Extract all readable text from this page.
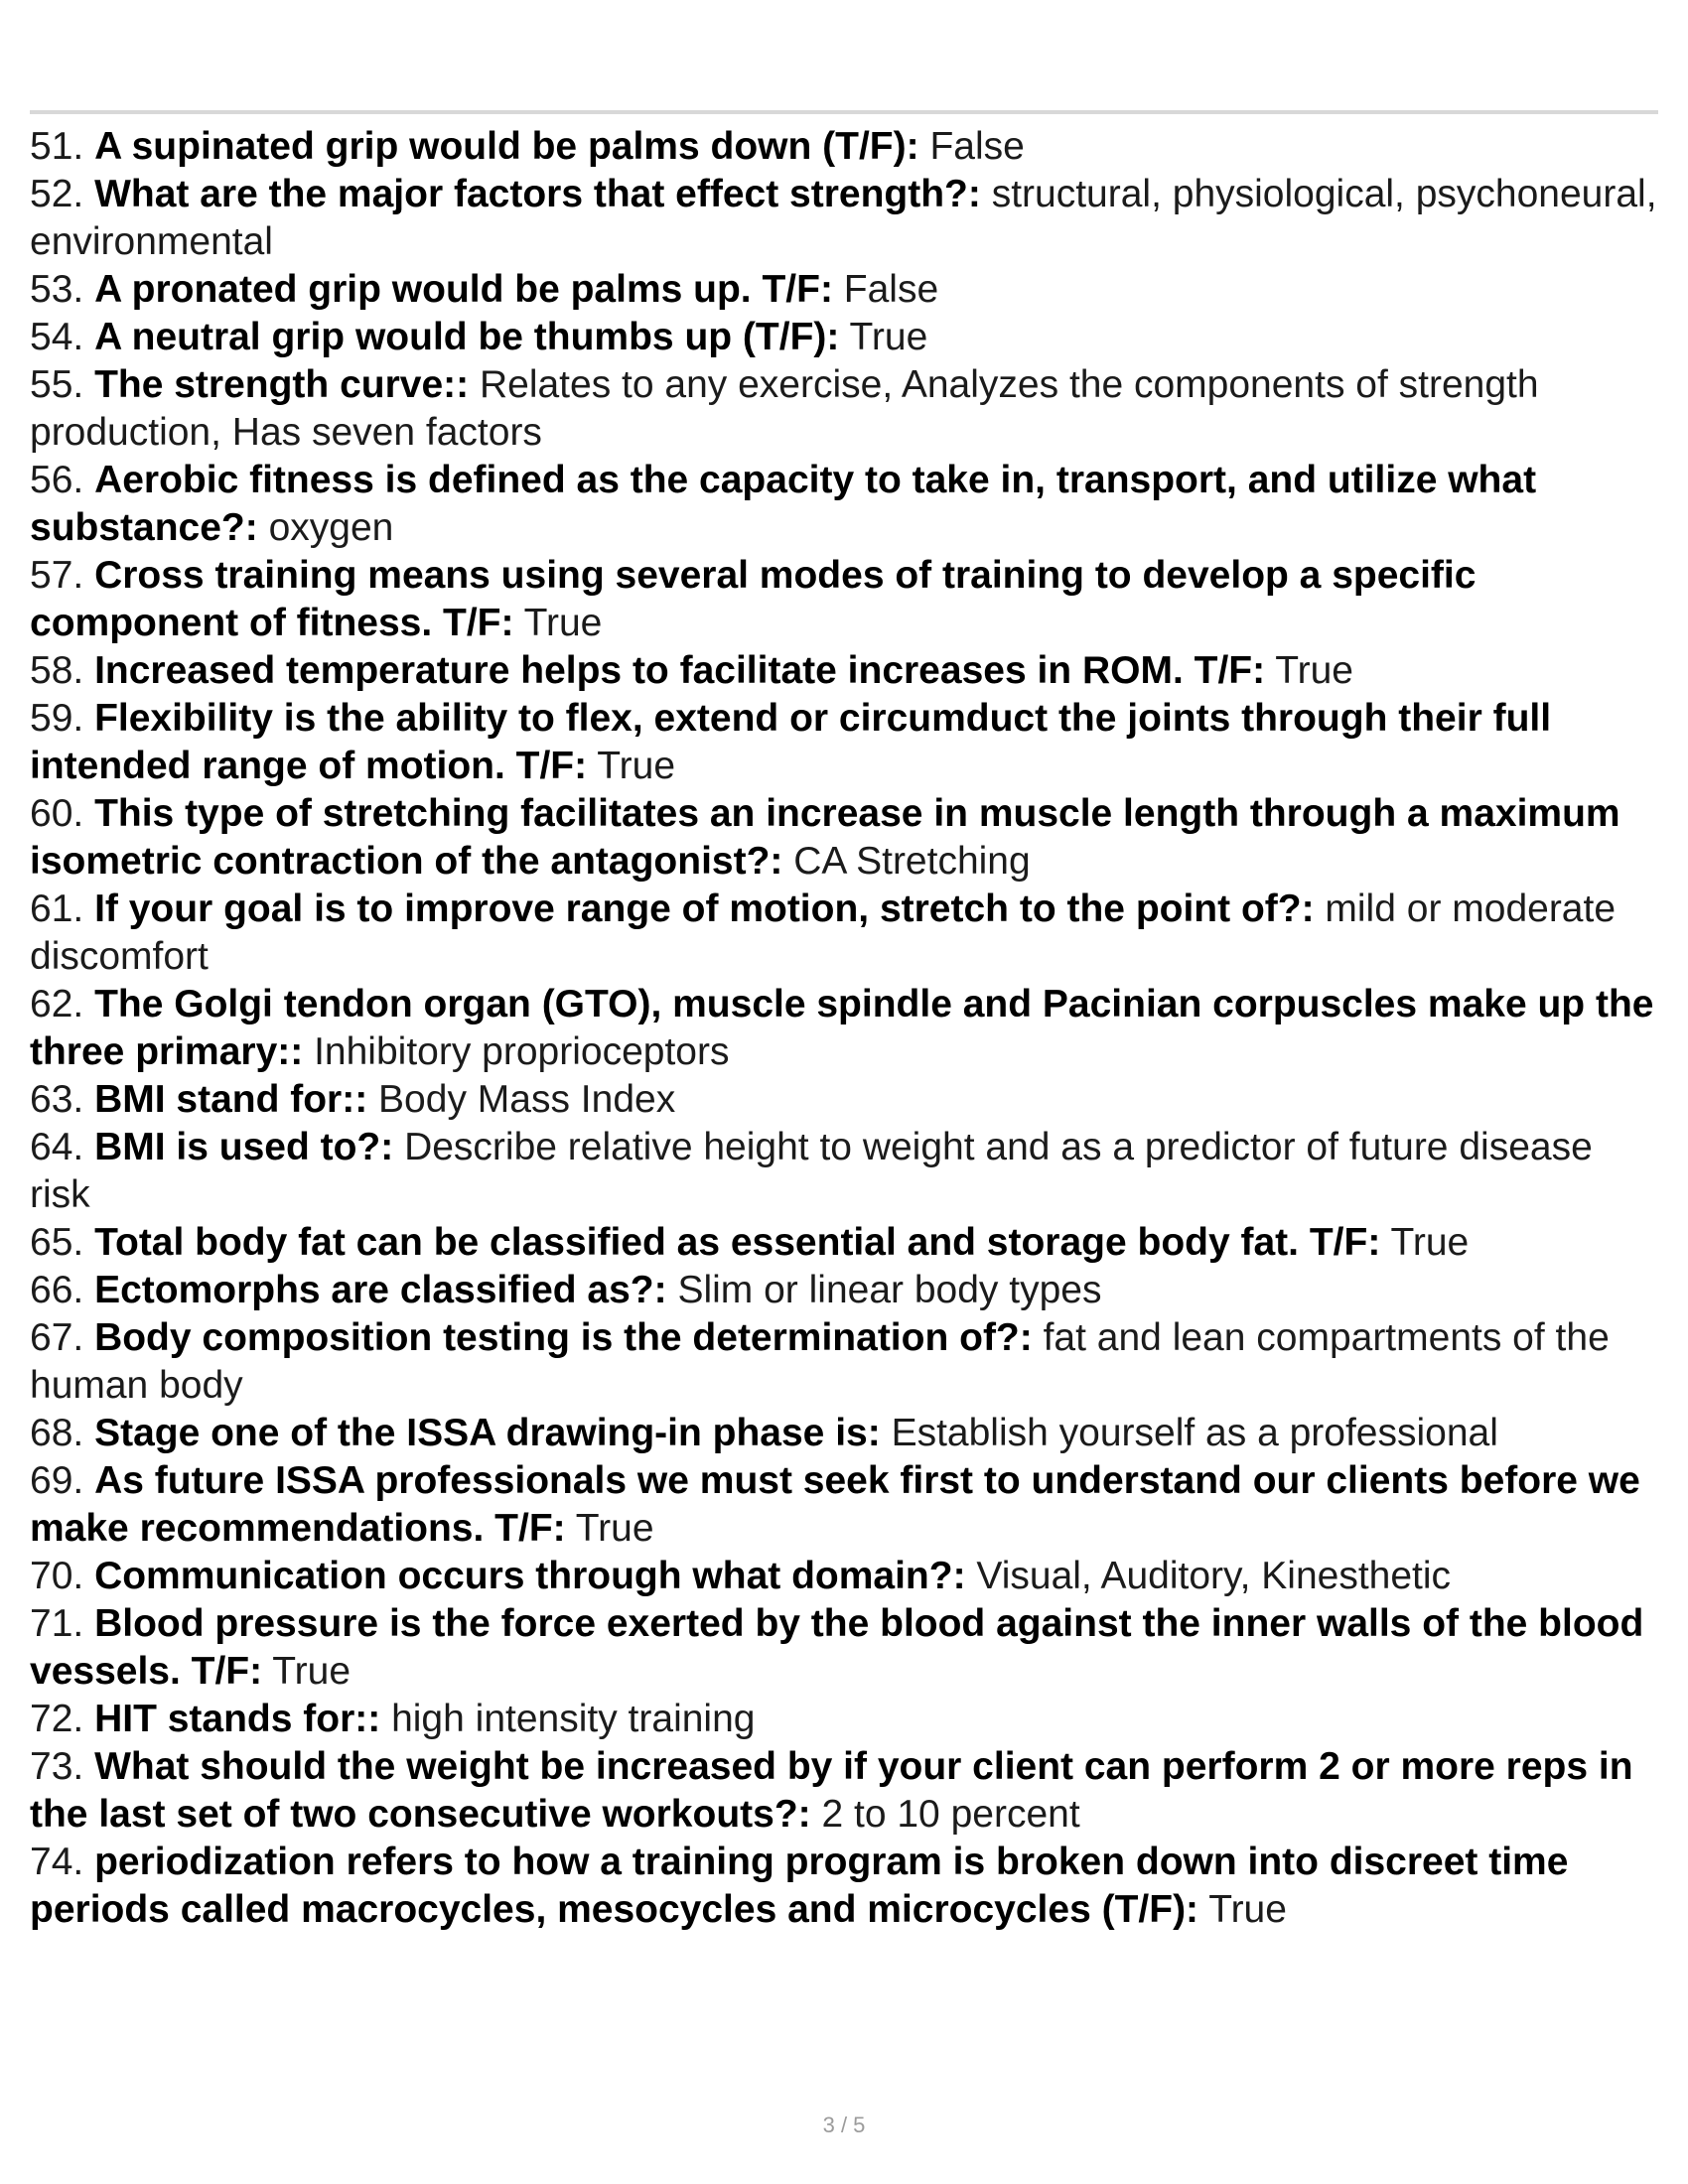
51. A supinated grip would be palms down (T/F): False

52. What are the major factors that effect strength?: structural, physiological, psychoneural, environmental

53. A pronated grip would be palms up. T/F: False

54. A neutral grip would be thumbs up (T/F): True

55. The strength curve:: Relates to any exercise, Analyzes the components of strength production, Has seven factors

56. Aerobic fitness is defined as the capacity to take in, transport, and utilize what substance?: oxygen

57. Cross training means using several modes of training to develop a specific component of fitness. T/F: True

58. Increased temperature helps to facilitate increases in ROM. T/F: True

59. Flexibility is the ability to flex, extend or circumduct the joints through their full intended range of motion. T/F: True

60. This type of stretching facilitates an increase in muscle length through a maximum isometric contraction of the antagonist?: CA Stretching

61. If your goal is to improve range of motion, stretch to the point of?: mild or moderate discomfort

62. The Golgi tendon organ (GTO), muscle spindle and Pacinian corpuscles make up the three primary:: Inhibitory proprioceptors

63. BMI stand for:: Body Mass Index

64. BMI is used to?: Describe relative height to weight and as a predictor of future disease risk

65. Total body fat can be classified as essential and storage body fat. T/F: True

66. Ectomorphs are classified as?: Slim or linear body types

67. Body composition testing is the determination of?: fat and lean compartments of the human body

68. Stage one of the ISSA drawing-in phase is: Establish yourself as a professional

69. As future ISSA professionals we must seek first to understand our clients before we make recommendations. T/F: True

70. Communication occurs through what domain?: Visual, Auditory, Kinesthetic

71. Blood pressure is the force exerted by the blood against the inner walls of the blood vessels. T/F: True

72. HIT stands for:: high intensity training

73. What should the weight be increased by if your client can perform 2 or more reps in the last set of two consecutive workouts?: 2 to 10 percent

74. periodization refers to how a training program is broken down into discreet time periods called macrocycles, mesocycles and microcycles (T/F): True

3 / 5
